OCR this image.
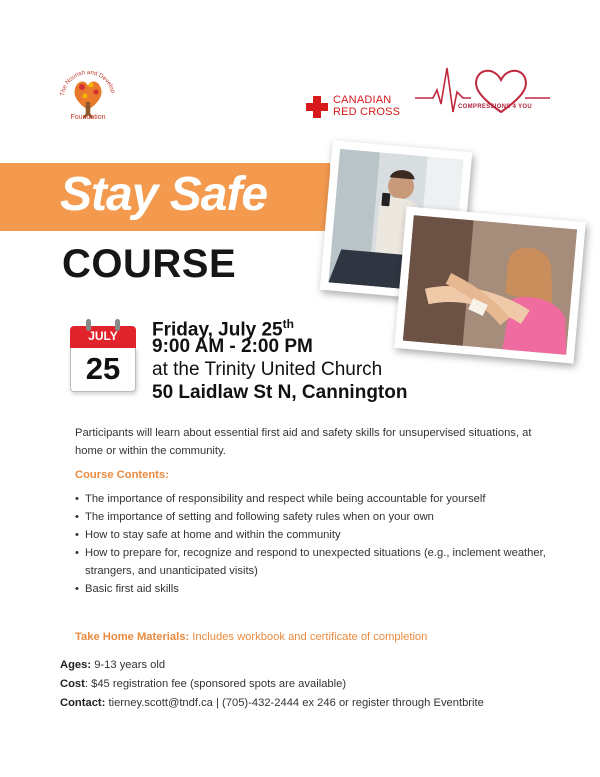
The Nourish and Develop
Foundation
CANADIAN
RED CROSS	COMPRESSIONS 4 YOU
Stay Safe
COURSE
JULY
25
Friday, July 25th
9:00 AM - 2:00 PM
at the Trinity United Church
50 Laidlaw St N, Cannington
Participants will learn about essential first aid and safety skills for unsupervised situations, at home or within the community.
Course Contents:
• The importance of responsibility and respect while being accountable for yourself
• The importance of setting and following safety rules when on your own
• How to stay safe at home and within the community
• How to prepare for, recognize and respond to unexpected situations (e.g., inclement weather, strangers, and unanticipated visits)
• Basic first aid skills
Take Home Materials: Includes workbook and certificate of completion
Ages: 9-13 years old
Cost: $45 registration fee (sponsored spots are available)
Contact: tierney.scott@tndf.ca | (705)-432-2444 ex 246 or register through Eventbrite
